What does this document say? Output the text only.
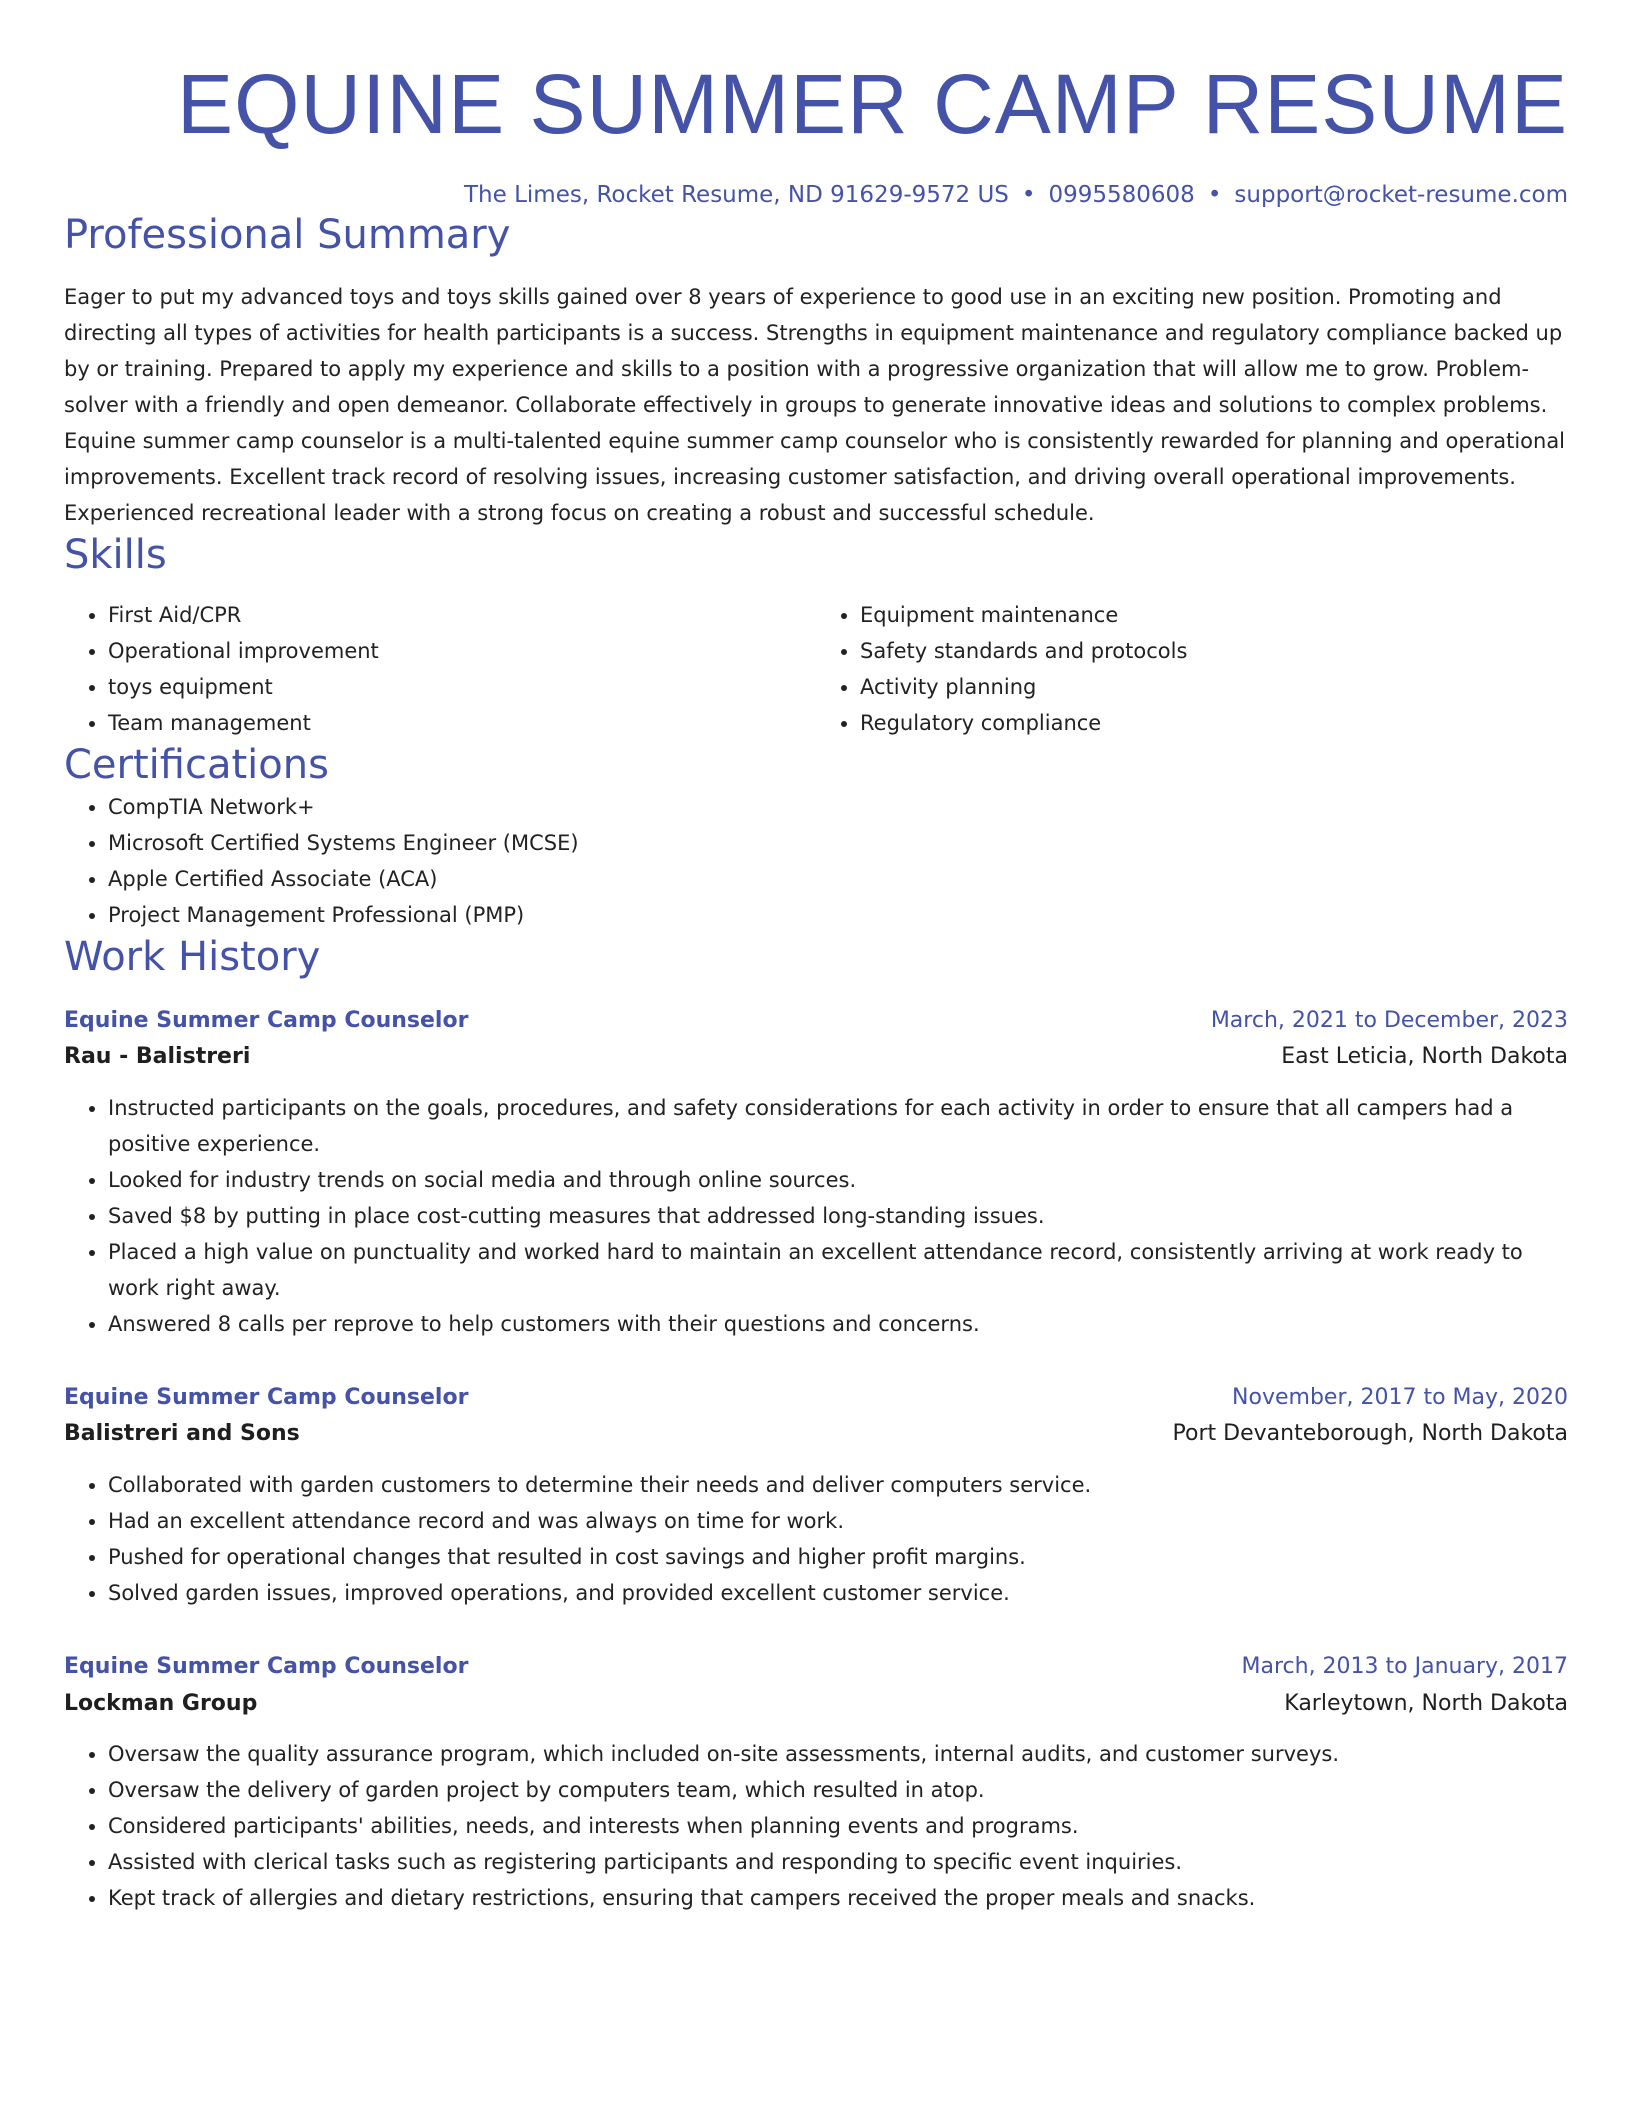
EQUINE SUMMER CAMP RESUME
The Limes, Rocket Resume, ND 91629-9572 US • 0995580608 • support@rocket-resume.com
Professional Summary
Eager to put my advanced toys and toys skills gained over 8 years of experience to good use in an exciting new position. Promoting and directing all types of activities for health participants is a success. Strengths in equipment maintenance and regulatory compliance backed up by or training. Prepared to apply my experience and skills to a position with a progressive organization that will allow me to grow. Problem-solver with a friendly and open demeanor. Collaborate effectively in groups to generate innovative ideas and solutions to complex problems. Equine summer camp counselor is a multi-talented equine summer camp counselor who is consistently rewarded for planning and operational improvements. Excellent track record of resolving issues, increasing customer satisfaction, and driving overall operational improvements. Experienced recreational leader with a strong focus on creating a robust and successful schedule.
Skills
• First Aid/CPR
• Operational improvement
• toys equipment
• Team management
• Equipment maintenance
• Safety standards and protocols
• Activity planning
• Regulatory compliance
Certifications
• CompTIA Network+
• Microsoft Certified Systems Engineer (MCSE)
• Apple Certified Associate (ACA)
• Project Management Professional (PMP)
Work History
Equine Summer Camp Counselor	March, 2021 to December, 2023
Rau - Balistreri	East Leticia, North Dakota
• Instructed participants on the goals, procedures, and safety considerations for each activity in order to ensure that all campers had a positive experience.
• Looked for industry trends on social media and through online sources.
• Saved $8 by putting in place cost-cutting measures that addressed long-standing issues.
• Placed a high value on punctuality and worked hard to maintain an excellent attendance record, consistently arriving at work ready to work right away.
• Answered 8 calls per reprove to help customers with their questions and concerns.
Equine Summer Camp Counselor	November, 2017 to May, 2020
Balistreri and Sons	Port Devanteborough, North Dakota
• Collaborated with garden customers to determine their needs and deliver computers service.
• Had an excellent attendance record and was always on time for work.
• Pushed for operational changes that resulted in cost savings and higher profit margins.
• Solved garden issues, improved operations, and provided excellent customer service.
Equine Summer Camp Counselor	March, 2013 to January, 2017
Lockman Group	Karleytown, North Dakota
• Oversaw the quality assurance program, which included on-site assessments, internal audits, and customer surveys.
• Oversaw the delivery of garden project by computers team, which resulted in atop.
• Considered participants' abilities, needs, and interests when planning events and programs.
• Assisted with clerical tasks such as registering participants and responding to specific event inquiries.
• Kept track of allergies and dietary restrictions, ensuring that campers received the proper meals and snacks.
